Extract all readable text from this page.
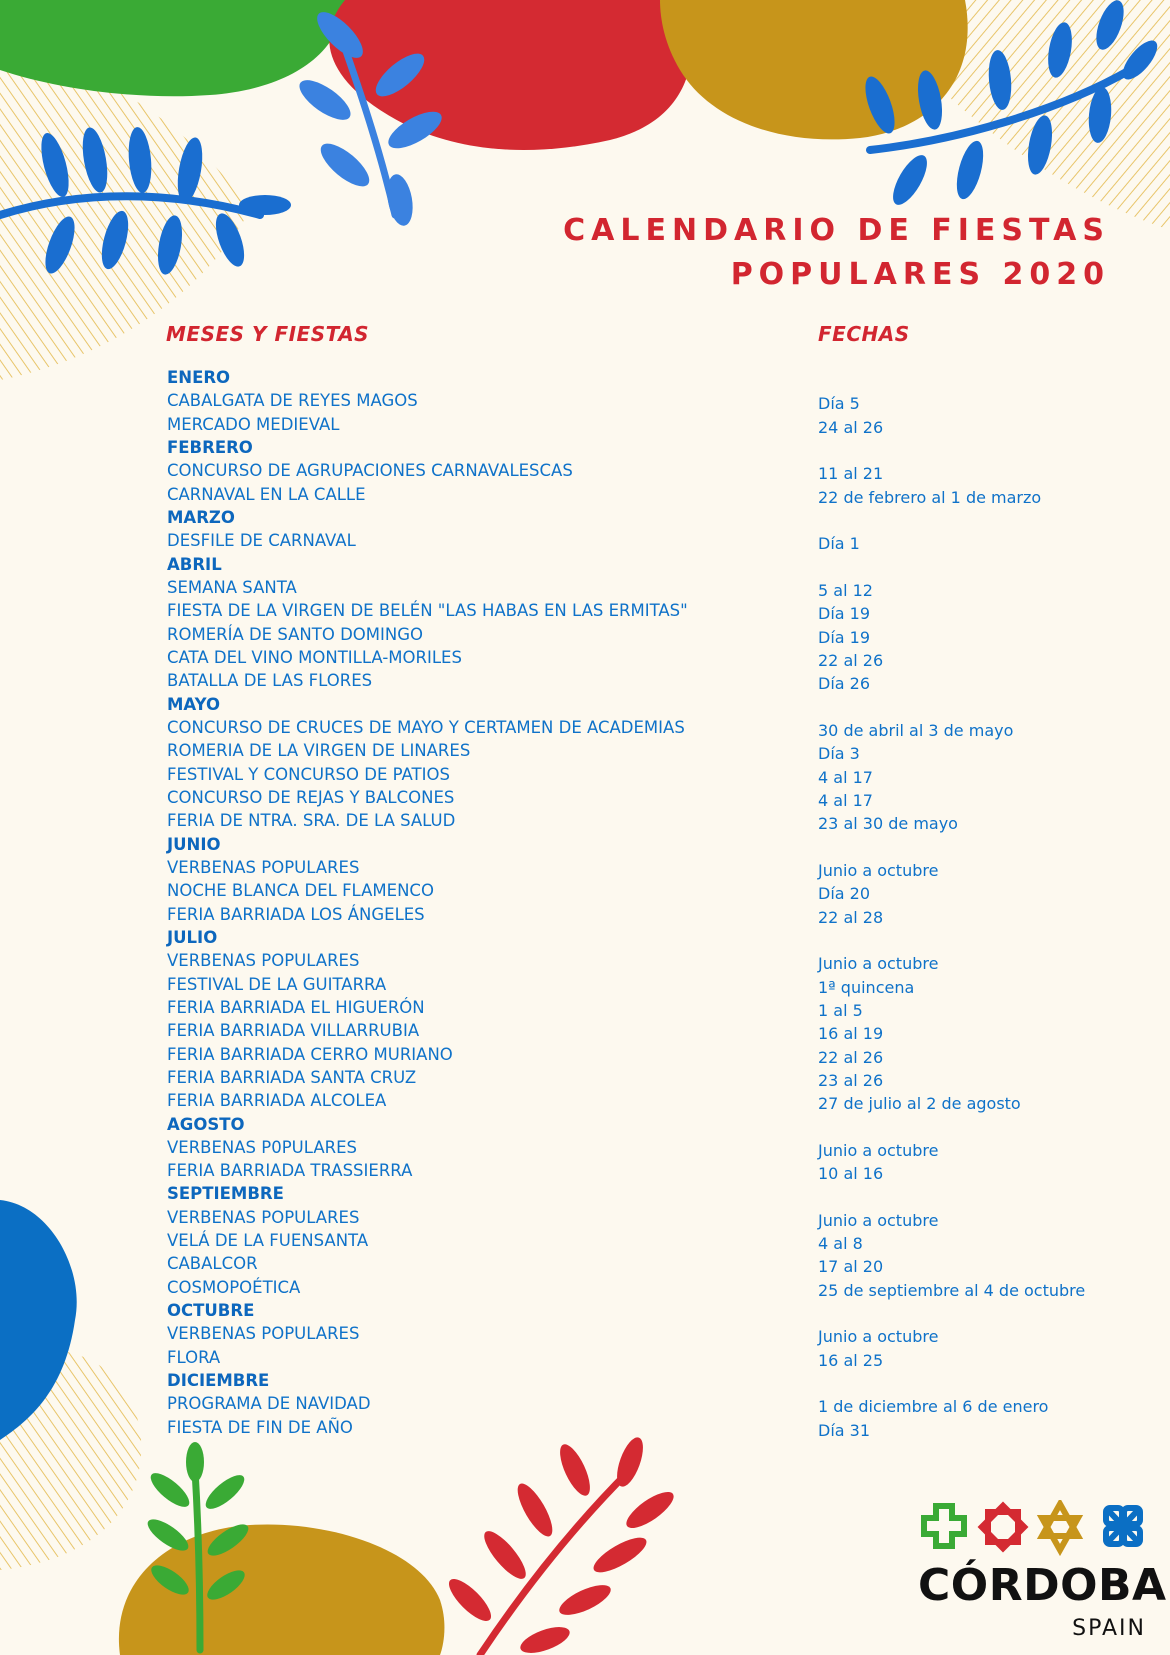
CALENDARIO DE FIESTAS
POPULARES 2020
MESES Y FIESTAS	FECHAS
ENERO
CABALGATA DE REYES MAGOS	Día 5
MERCADO MEDIEVAL	24 al 26
FEBRERO
CONCURSO DE AGRUPACIONES CARNAVALESCAS	11 al 21
CARNAVAL EN LA CALLE	22 de febrero al 1 de marzo
MARZO
DESFILE DE CARNAVAL	Día 1
ABRIL
SEMANA SANTA	5 al 12
FIESTA DE LA VIRGEN DE BELÉN "LAS HABAS EN LAS ERMITAS"	Día 19
ROMERÍA DE SANTO DOMINGO	Día 19
CATA DEL VINO MONTILLA-MORILES	22 al 26
BATALLA DE LAS FLORES	Día 26
MAYO
CONCURSO DE CRUCES DE MAYO Y CERTAMEN DE ACADEMIAS	30 de abril al 3 de mayo
ROMERIA DE LA VIRGEN DE LINARES	Día 3
FESTIVAL Y CONCURSO DE PATIOS	4 al 17
CONCURSO DE REJAS Y BALCONES	4 al 17
FERIA DE NTRA. SRA. DE LA SALUD	23 al 30 de mayo
JUNIO
VERBENAS POPULARES	Junio a octubre
NOCHE BLANCA DEL FLAMENCO	Día 20
FERIA BARRIADA LOS ÁNGELES	22 al 28
JULIO
VERBENAS POPULARES	Junio a octubre
FESTIVAL DE LA GUITARRA	1ª quincena
FERIA BARRIADA EL HIGUERÓN	1 al 5
FERIA BARRIADA VILLARRUBIA	16 al 19
FERIA BARRIADA CERRO MURIANO	22 al 26
FERIA BARRIADA SANTA CRUZ	23 al 26
FERIA BARRIADA ALCOLEA	27 de julio al 2 de agosto
AGOSTO
VERBENAS P0PULARES	Junio a octubre
FERIA BARRIADA TRASSIERRA	10 al 16
SEPTIEMBRE
VERBENAS POPULARES	Junio a octubre
VELÁ DE LA FUENSANTA	4 al 8
CABALCOR	17 al 20
COSMOPOÉTICA	25 de septiembre al 4 de octubre
OCTUBRE
VERBENAS POPULARES	Junio a octubre
FLORA	16 al 25
DICIEMBRE
PROGRAMA DE NAVIDAD	1 de diciembre al 6 de enero
FIESTA DE FIN DE AÑO	Día 31
CÓRDOBA
SPAIN
